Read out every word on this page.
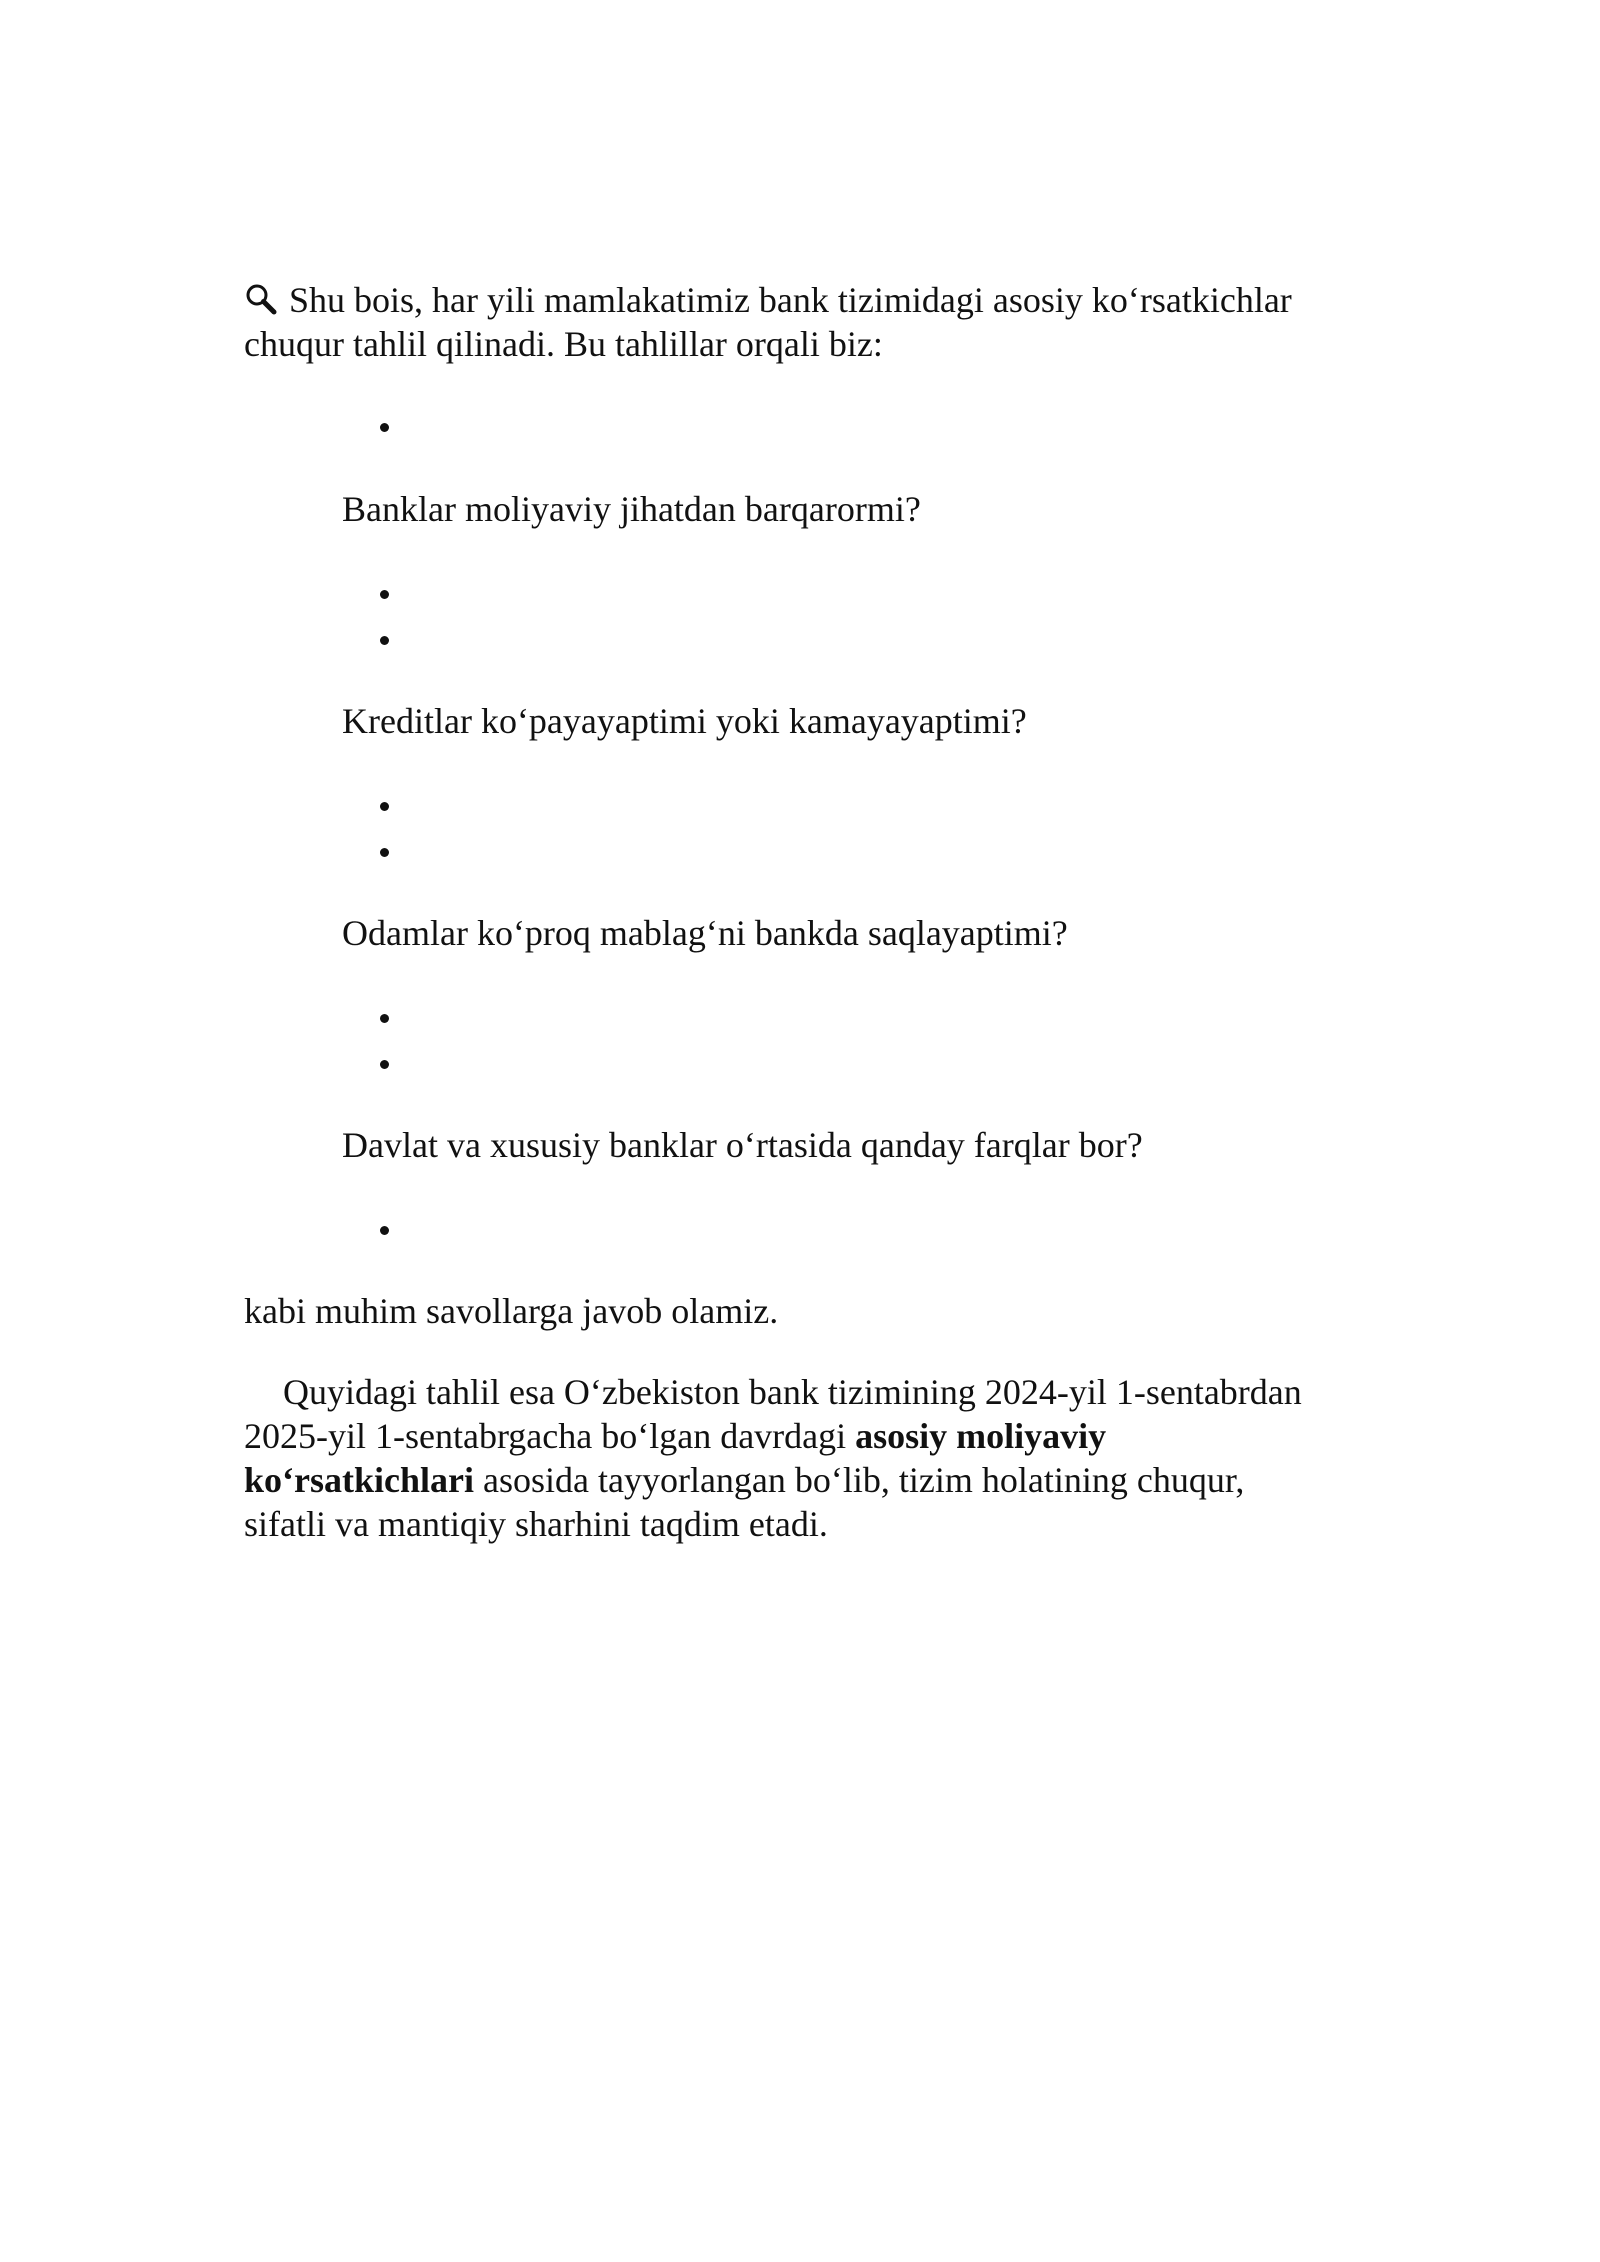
Shu bois, har yili mamlakatimiz bank tizimidagi asosiy ko‘rsatkichlar
chuqur tahlil qilinadi. Bu tahlillar orqali biz:
Banklar moliyaviy jihatdan barqarormi?
Kreditlar ko‘payayaptimi yoki kamayayaptimi?
Odamlar ko‘proq mablag‘ni bankda saqlayaptimi?
Davlat va xususiy banklar o‘rtasida qanday farqlar bor?
kabi muhim savollarga javob olamiz.
Quyidagi tahlil esa O‘zbekiston bank tizimining 2024-yil 1-sentabrdan
2025-yil 1-sentabrgacha bo‘lgan davrdagi asosiy moliyaviy
ko‘rsatkichlari asosida tayyorlangan bo‘lib, tizim holatining chuqur,
sifatli va mantiqiy sharhini taqdim etadi.
